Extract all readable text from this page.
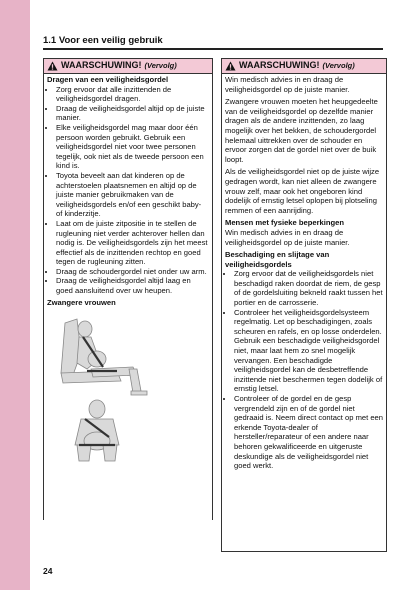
1.1 Voor een veilig gebruik
WAARSCHUWING! (Vervolg)
Dragen van een veiligheidsgordel
• Zorg ervoor dat alle inzittenden de veiligheidsgordel dragen.
• Draag de veiligheidsgordel altijd op de juiste manier.
• Elke veiligheidsgordel mag maar door één persoon worden gebruikt. Gebruik een veiligheidsgordel niet voor twee personen tegelijk, ook niet als de tweede persoon een kind is.
• Toyota beveelt aan dat kinderen op de achterstoelen plaatsnemen en altijd op de juiste manier gebruikmaken van de veiligheidsgordels en/of een geschikt baby- of kinderzitje.
• Laat om de juiste zitpositie in te stellen de rugleuning niet verder achterover hellen dan nodig is. De veiligheidsgordels zijn het meest effectief als de inzittenden rechtop en goed tegen de rugleuning zitten.
• Draag de schoudergordel niet onder uw arm.
• Draag de veiligheidsgordel altijd laag en goed aansluitend over uw heupen.
Zwangere vrouwen
WAARSCHUWING! (Vervolg)

Win medisch advies in en draag de veiligheidsgordel op de juiste manier.

Zwangere vrouwen moeten het heupgedeelte van de veiligheidsgordel op dezelfde manier dragen als de andere inzittenden, zo laag mogelijk over het bekken, de schoudergordel helemaal uittrekken over de schouder en ervoor zorgen dat de gordel niet over de buik loopt.

Als de veiligheidsgordel niet op de juiste wijze gedragen wordt, kan niet alleen de zwangere vrouw zelf, maar ook het ongeboren kind dodelijk of ernstig letsel oplopen bij plotseling remmen of een aanrijding.

Mensen met fysieke beperkingen

Win medisch advies in en draag de veiligheidsgordel op de juiste manier.

Beschadiging en slijtage van veiligheidsgordels
• Zorg ervoor dat de veiligheidsgordels niet beschadigd raken doordat de riem, de gesp of de gordelsluiting bekneld raakt tussen het portier en de carrosserie.
• Controleer het veiligheidsgordelsysteem regelmatig. Let op beschadigingen, zoals scheuren en rafels, en op losse onderdelen. Gebruik een beschadigde veiligheidsgordel niet, maar laat hem zo snel mogelijk vervangen. Een beschadigde veiligheidsgordel kan de desbetreffende inzittende niet beschermen tegen dodelijk of ernstig letsel.
• Controleer of de gordel en de gesp vergrendeld zijn en of de gordel niet gedraaid is. Neem direct contact op met een erkende Toyota-dealer of hersteller/reparateur of een andere naar behoren gekwalificeerde en uitgeruste deskundige als de veiligheidsgordel niet goed werkt.
24
